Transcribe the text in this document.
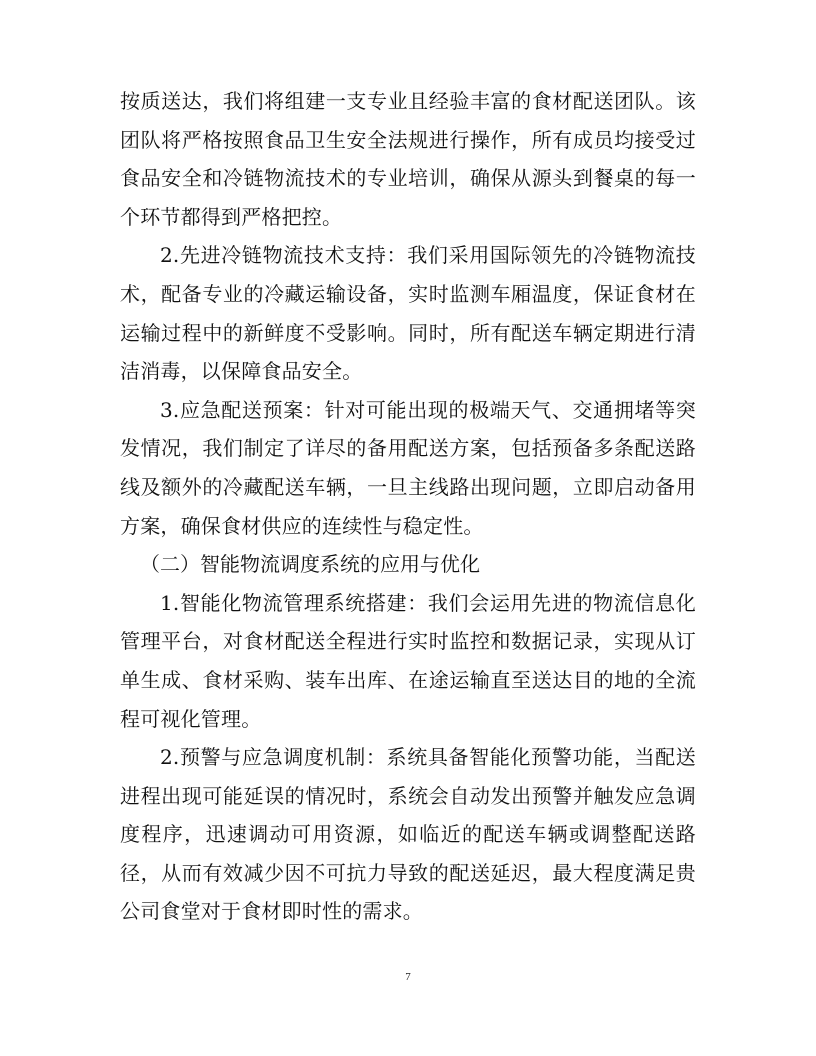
按质送达，我们将组建一支专业且经验丰富的食材配送团队。该团队将严格按照食品卫生安全法规进行操作，所有成员均接受过食品安全和冷链物流技术的专业培训，确保从源头到餐桌的每一个环节都得到严格把控。

2.先进冷链物流技术支持：我们采用国际领先的冷链物流技术，配备专业的冷藏运输设备，实时监测车厢温度，保证食材在运输过程中的新鲜度不受影响。同时，所有配送车辆定期进行清洁消毒，以保障食品安全。

3.应急配送预案：针对可能出现的极端天气、交通拥堵等突发情况，我们制定了详尽的备用配送方案，包括预备多条配送路线及额外的冷藏配送车辆，一旦主线路出现问题，立即启动备用方案，确保食材供应的连续性与稳定性。

（二）智能物流调度系统的应用与优化

1.智能化物流管理系统搭建：我们会运用先进的物流信息化管理平台，对食材配送全程进行实时监控和数据记录，实现从订单生成、食材采购、装车出库、在途运输直至送达目的地的全流程可视化管理。

2.预警与应急调度机制：系统具备智能化预警功能，当配送进程出现可能延误的情况时，系统会自动发出预警并触发应急调度程序，迅速调动可用资源，如临近的配送车辆或调整配送路径，从而有效减少因不可抗力导致的配送延迟，最大程度满足贵公司食堂对于食材即时性的需求。

7
